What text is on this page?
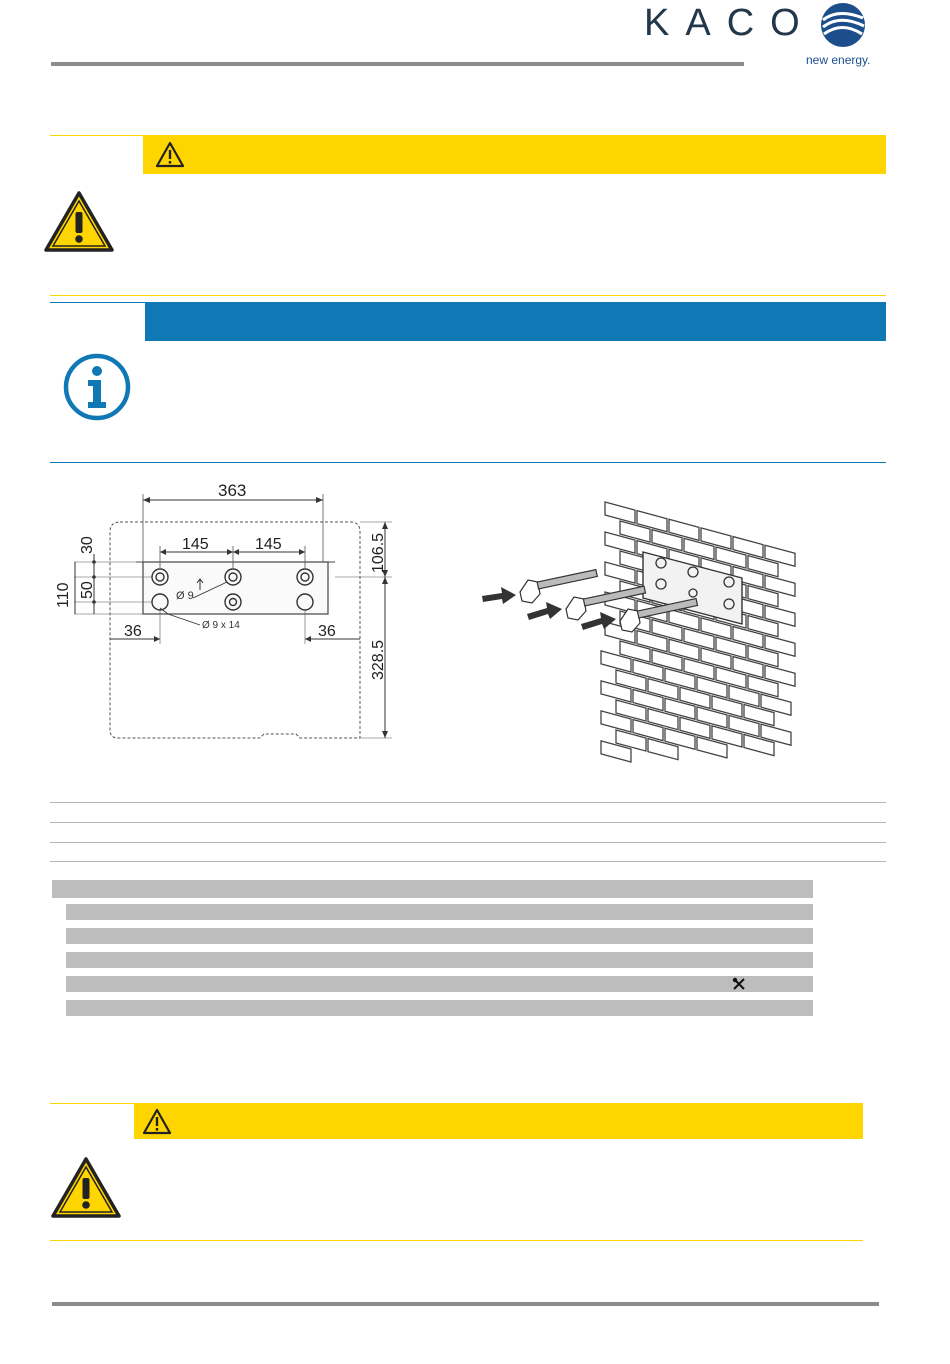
KACO
new energy.
Ø 9
Ø 9 x 14
363
145	145
30
50
110
36	36
106.5
328.5
